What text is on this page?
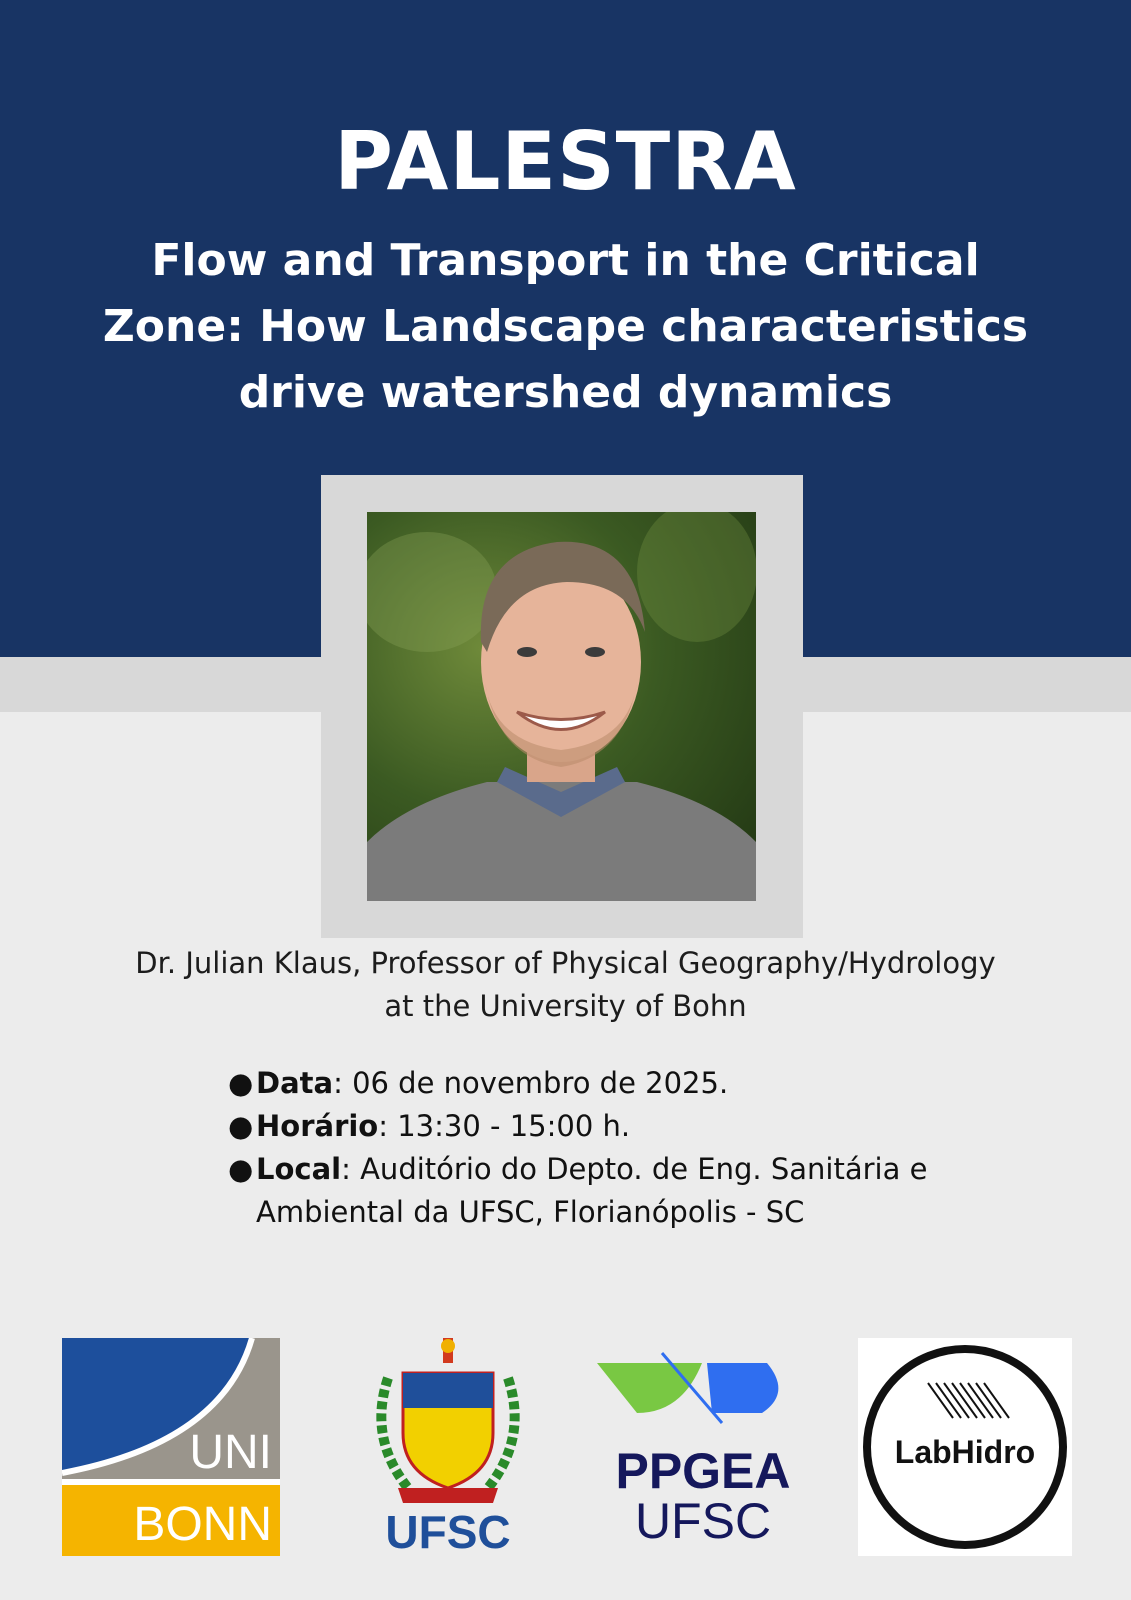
PALESTRA
Flow and Transport in the Critical
Zone: How Landscape characteristics
drive watershed dynamics
Dr. Julian Klaus, Professor of Physical Geography/Hydrology
at the University of Bohn
● Data: 06 de novembro de 2025.
● Horário: 13:30 - 15:00 h.
● Local: Auditório do Depto. de Eng. Sanitária e
Ambiental da UFSC, Florianópolis - SC
UNI
BONN UFSC
PPGEA
UFSC
LabHidro
